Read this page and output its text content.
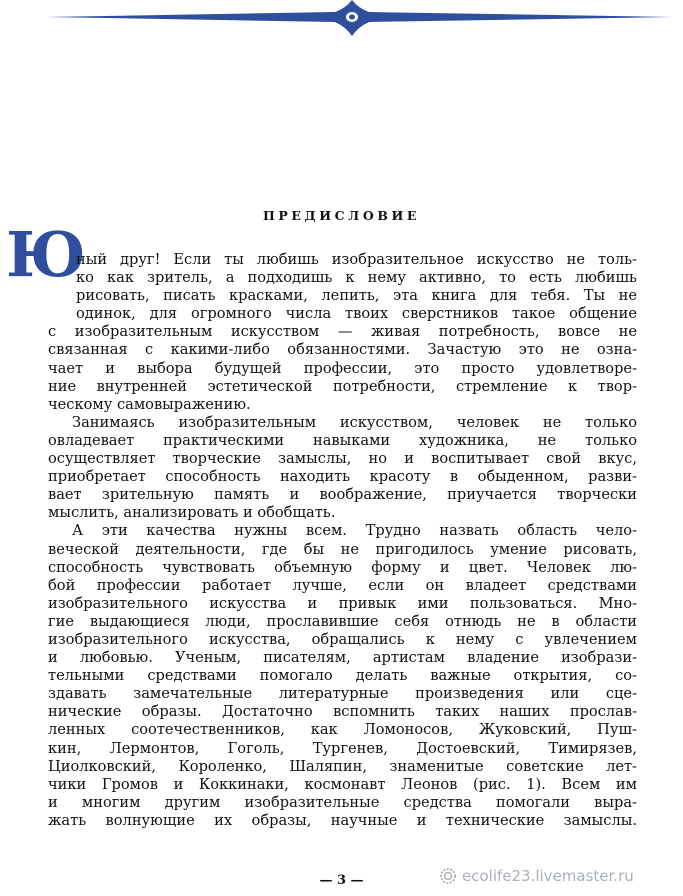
ПРЕДИСЛОВИЕ
Ю
ный друг! Если ты любишь изобразительное искусство не толь-
ко как зритель, а подходишь к нему активно, то есть любишь
рисовать, писать красками, лепить, эта книга для тебя. Ты не
одинок, для огромного числа твоих сверстников такое общение
с изобразительным искусством — живая потребность, вовсе не
связанная с какими-либо обязанностями. Зачастую это не озна-
чает и выбора будущей профессии, это просто удовлетворе-
ние внутренней эстетической потребности, стремление к твор-
ческому самовыражению.
Занимаясь изобразительным искусством, человек не только
овладевает практическими навыками художника, не только
осуществляет творческие замыслы, но и воспитывает свой вкус,
приобретает способность находить красоту в обыденном, разви-
вает зрительную память и воображение, приучается творчески
мыслить, анализировать и обобщать.
А эти качества нужны всем. Трудно назвать область чело-
веческой деятельности, где бы не пригодилось умение рисовать,
способность чувствовать объемную форму и цвет. Человек лю-
бой профессии работает лучше, если он владеет средствами
изобразительного искусства и привык ими пользоваться. Мно-
гие выдающиеся люди, прославившие себя отнюдь не в области
изобразительного искусства, обращались к нему с увлечением
и любовью. Ученым, писателям, артистам владение изобрази-
тельными средствами помогало делать важные открытия, со-
здавать замечательные литературные произведения или сце-
нические образы. Достаточно вспомнить таких наших прослав-
ленных соотечественников, как Ломоносов, Жуковский, Пуш-
кин, Лермонтов, Гоголь, Тургенев, Достоевский, Тимирязев,
Циолковский, Короленко, Шаляпин, знаменитые советские лет-
чики Громов и Коккинаки, космонавт Леонов (рис. 1). Всем им
и многим другим изобразительные средства помогали выра-
жать волнующие их образы, научные и технические замыслы.
— 3 —	ecolife23.livemaster.ru
